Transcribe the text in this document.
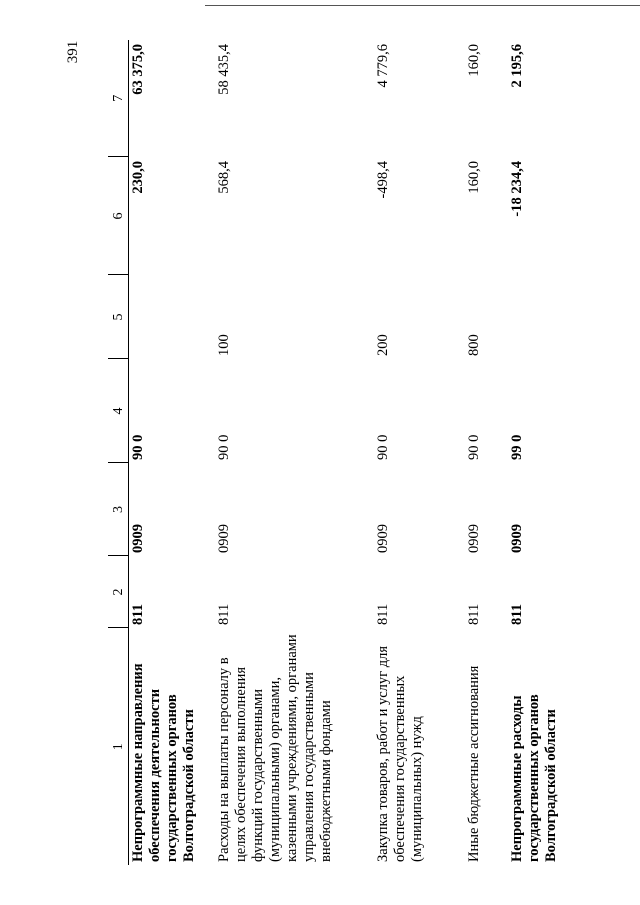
391
1	2	3	4	5	6	7
Непрограммные направления обеспечения деятельности государственных органов Волгоградской области	811	0909	90 0		230,0	63 375,0
Расходы на выплаты персоналу в целях обеспечения выполнения функций государственными (муниципальными) органами, казенными учреждениями, органами управления государственными внебюджетными фондами	811	0909	90 0	100	568,4	58 435,4
Закупка товаров, работ и услуг для обеспечения государственных (муниципальных) нужд	811	0909	90 0	200	-498,4	4 779,6
Иные бюджетные ассигнования	811	0909	90 0	800	160,0	160,0
Непрограммные расходы государственных органов Волгоградской области	811	0909	99 0		-18 234,4	2 195,6
